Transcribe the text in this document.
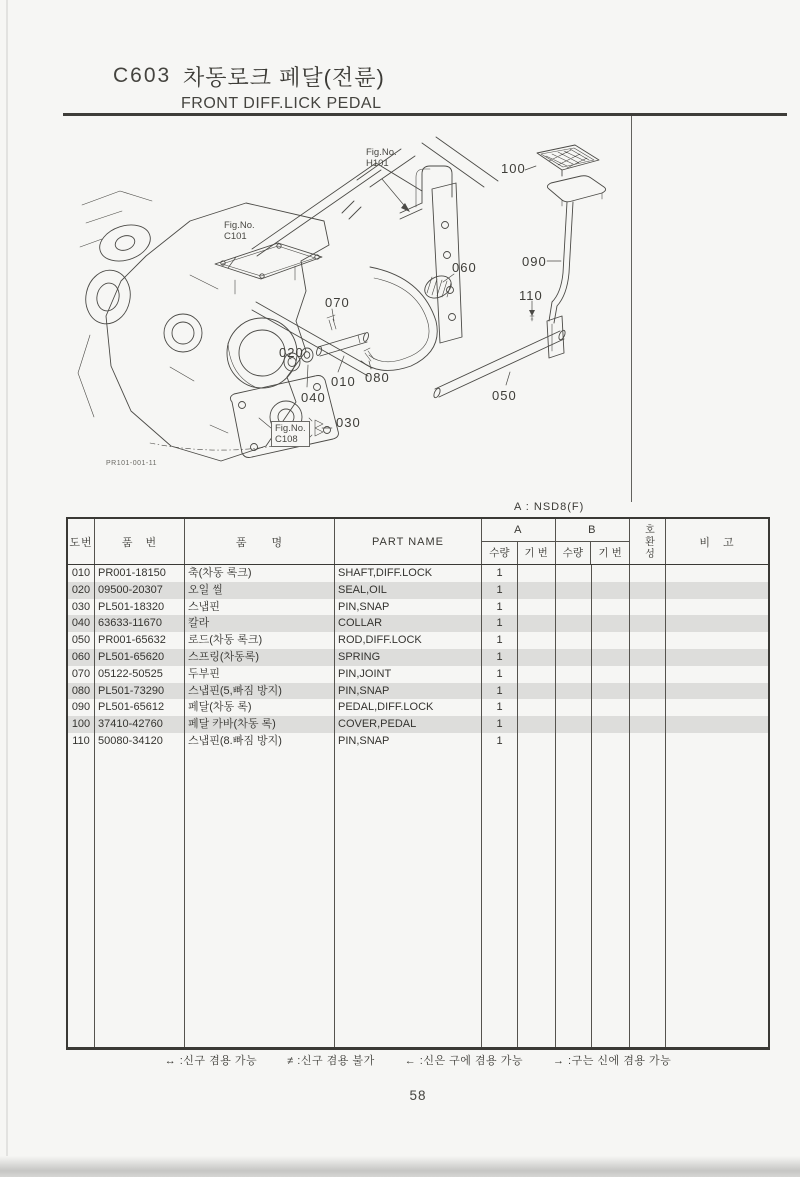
C603 차동로크 페달(전륜)
FRONT DIFF.LICK PEDAL
Fig.No.
H101
Fig.No.
C101
Fig.No.
C108
010
020
030
040	050
060
070
080
090
100
110
PR101-001-11
A : NSD8(F)
도번	품　번	품　　명	PART NAME
A	B
수량	기 번	수량	기 번	호환성	비　고
010 PR001-18150	축(차동 록크)	SHAFT,DIFF.LOCK	1
020 09500-20307	오일 씰	SEAL,OIL	1
030 PL501-18320	스냅핀	PIN,SNAP	1
040 63633-11670	칼라	COLLAR	1
050 PR001-65632	로드(차동 록크)	ROD,DIFF.LOCK	1
060 PL501-65620	스프링(차동록)	SPRING	1
070 05122-50525	두부핀	PIN,JOINT	1
080 PL501-73290	스냅핀(5,빠짐 방지)	PIN,SNAP	1
090 PL501-65612	페달(차동 록)	PEDAL,DIFF.LOCK	1
100 37410-42760	페달 카바(차동 록)	COVER,PEDAL	1
110 50080-34120	스냅핀(8.빠짐 방지)	PIN,SNAP	1
↔ :신구 겸용 가능	≠ :신구 겸용 불가	← :신은 구에 겸용 가능	→ :구는 신에 겸용 가능
58
